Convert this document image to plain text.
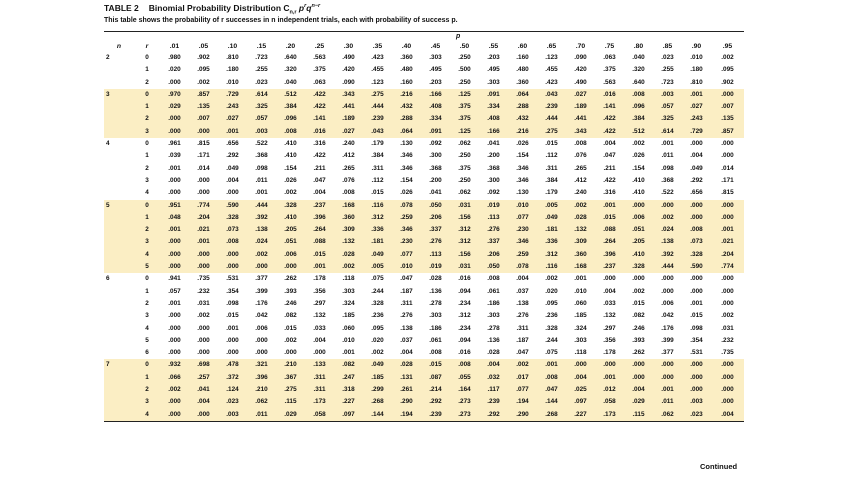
TABLE 2 Binomial Probability Distribution $C_{n,r}$ $p^rq^{n-r}$
This table shows the probability of r successes in n independent trials, each with probability of success p.
p
n	r	.01	.05	.10	.15	.20	.25	.30	.35	.40	.45	.50	.55	.60	.65	.70	.75	.80	.85	.90	.95
2	0	.980	.902	.810	.723	.640	.563	.490	.423	.360	.303	.250	.203	.160	.123	.090	.063	.040	.023	.010	.002
	1	.020	.095	.180	.255	.320	.375	.420	.455	.480	.495	.500	.495	.480	.455	.420	.375	.320	.255	.180	.095
	2	.000	.002	.010	.023	.040	.063	.090	.123	.160	.203	.250	.303	.360	.423	.490	.563	.640	.723	.810	.902
3	0	.970	.857	.729	.614	.512	.422	.343	.275	.216	.166	.125	.091	.064	.043	.027	.016	.008	.003	.001	.000
	1	.029	.135	.243	.325	.384	.422	.441	.444	.432	.408	.375	.334	.288	.239	.189	.141	.096	.057	.027	.007
	2	.000	.007	.027	.057	.096	.141	.189	.239	.288	.334	.375	.408	.432	.444	.441	.422	.384	.325	.243	.135
	3	.000	.000	.001	.003	.008	.016	.027	.043	.064	.091	.125	.166	.216	.275	.343	.422	.512	.614	.729	.857
4	0	.961	.815	.656	.522	.410	.316	.240	.179	.130	.092	.062	.041	.026	.015	.008	.004	.002	.001	.000	.000
	1	.039	.171	.292	.368	.410	.422	.412	.384	.346	.300	.250	.200	.154	.112	.076	.047	.026	.011	.004	.000
	2	.001	.014	.049	.098	.154	.211	.265	.311	.346	.368	.375	.368	.346	.311	.265	.211	.154	.098	.049	.014
	3	.000	.000	.004	.011	.026	.047	.076	.112	.154	.200	.250	.300	.346	.384	.412	.422	.410	.368	.292	.171
	4	.000	.000	.000	.001	.002	.004	.008	.015	.026	.041	.062	.092	.130	.179	.240	.316	.410	.522	.656	.815
5	0	.951	.774	.590	.444	.328	.237	.168	.116	.078	.050	.031	.019	.010	.005	.002	.001	.000	.000	.000	.000
	1	.048	.204	.328	.392	.410	.396	.360	.312	.259	.206	.156	.113	.077	.049	.028	.015	.006	.002	.000	.000
	2	.001	.021	.073	.138	.205	.264	.309	.336	.346	.337	.312	.276	.230	.181	.132	.088	.051	.024	.008	.001
	3	.000	.001	.008	.024	.051	.088	.132	.181	.230	.276	.312	.337	.346	.336	.309	.264	.205	.138	.073	.021
	4	.000	.000	.000	.002	.006	.015	.028	.049	.077	.113	.156	.206	.259	.312	.360	.396	.410	.392	.328	.204
	5	.000	.000	.000	.000	.000	.001	.002	.005	.010	.019	.031	.050	.078	.116	.168	.237	.328	.444	.590	.774
6	0	.941	.735	.531	.377	.262	.178	.118	.075	.047	.028	.016	.008	.004	.002	.001	.000	.000	.000	.000	.000
	1	.057	.232	.354	.399	.393	.356	.303	.244	.187	.136	.094	.061	.037	.020	.010	.004	.002	.000	.000	.000
	2	.001	.031	.098	.176	.246	.297	.324	.328	.311	.278	.234	.186	.138	.095	.060	.033	.015	.006	.001	.000
	3	.000	.002	.015	.042	.082	.132	.185	.236	.276	.303	.312	.303	.276	.236	.185	.132	.082	.042	.015	.002
	4	.000	.000	.001	.006	.015	.033	.060	.095	.138	.186	.234	.278	.311	.328	.324	.297	.246	.176	.098	.031
	5	.000	.000	.000	.000	.002	.004	.010	.020	.037	.061	.094	.136	.187	.244	.303	.356	.393	.399	.354	.232
	6	.000	.000	.000	.000	.000	.000	.001	.002	.004	.008	.016	.028	.047	.075	.118	.178	.262	.377	.531	.735
7	0	.932	.698	.478	.321	.210	.133	.082	.049	.028	.015	.008	.004	.002	.001	.000	.000	.000	.000	.000	.000
	1	.066	.257	.372	.396	.367	.311	.247	.185	.131	.087	.055	.032	.017	.008	.004	.001	.000	.000	.000	.000
	2	.002	.041	.124	.210	.275	.311	.318	.299	.261	.214	.164	.117	.077	.047	.025	.012	.004	.001	.000	.000
	3	.000	.004	.023	.062	.115	.173	.227	.268	.290	.292	.273	.239	.194	.144	.097	.058	.029	.011	.003	.000
	4	.000	.000	.003	.011	.029	.058	.097	.144	.194	.239	.273	.292	.290	.268	.227	.173	.115	.062	.023	.004
Continued
